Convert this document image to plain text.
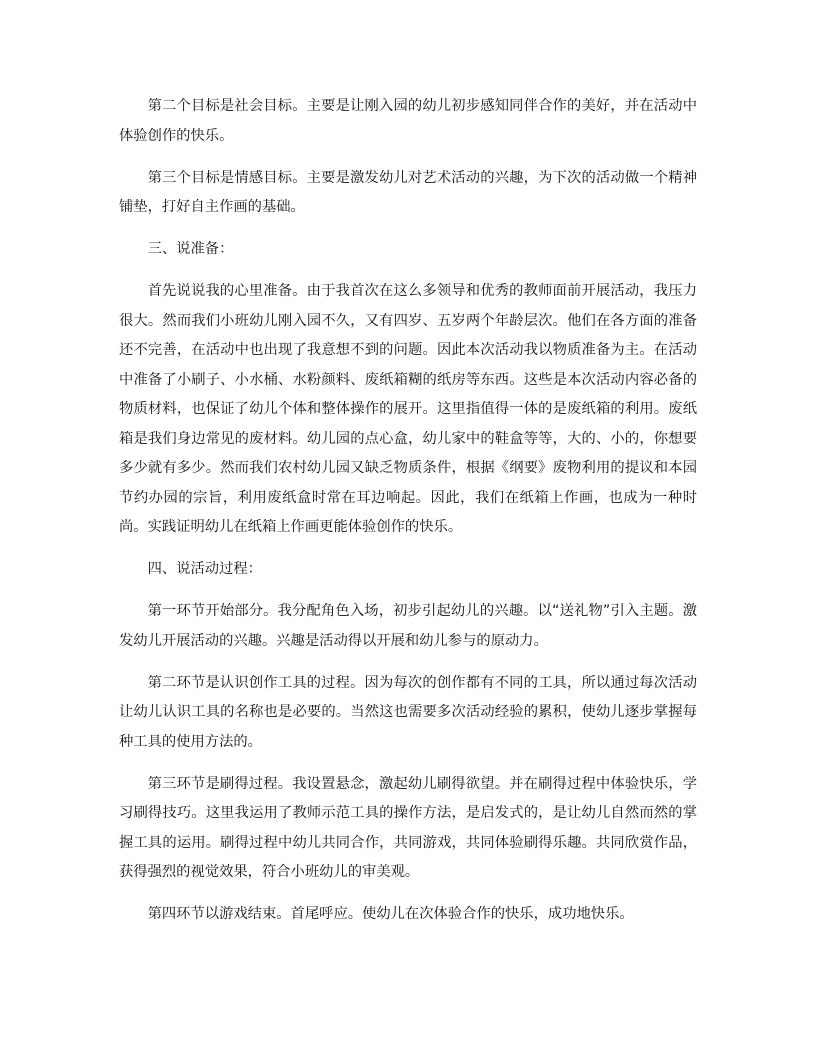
第二个目标是社会目标。主要是让刚入园的幼儿初步感知同伴合作的美好，并在活动中体验创作的快乐。

第三个目标是情感目标。主要是激发幼儿对艺术活动的兴趣，为下次的活动做一个精神铺垫，打好自主作画的基础。

三、说准备：

首先说说我的心里准备。由于我首次在这么多领导和优秀的教师面前开展活动，我压力很大。然而我们小班幼儿刚入园不久，又有四岁、五岁两个年龄层次。他们在各方面的准备还不完善，在活动中也出现了我意想不到的问题。因此本次活动我以物质准备为主。在活动中准备了小刷子、小水桶、水粉颜料、废纸箱糊的纸房等东西。这些是本次活动内容必备的物质材料，也保证了幼儿个体和整体操作的展开。这里指值得一体的是废纸箱的利用。废纸箱是我们身边常见的废材料。幼儿园的点心盒，幼儿家中的鞋盒等等，大的、小的，你想要多少就有多少。然而我们农村幼儿园又缺乏物质条件，根据《纲要》废物利用的提议和本园节约办园的宗旨，利用废纸盒时常在耳边响起。因此，我们在纸箱上作画，也成为一种时尚。实践证明幼儿在纸箱上作画更能体验创作的快乐。

四、说活动过程：

第一环节开始部分。我分配角色入场，初步引起幼儿的兴趣。以“送礼物”引入主题。激发幼儿开展活动的兴趣。兴趣是活动得以开展和幼儿参与的原动力。

第二环节是认识创作工具的过程。因为每次的创作都有不同的工具，所以通过每次活动让幼儿认识工具的名称也是必要的。当然这也需要多次活动经验的累积，使幼儿逐步掌握每种工具的使用方法的。

第三环节是刷得过程。我设置悬念，激起幼儿刷得欲望。并在刷得过程中体验快乐，学习刷得技巧。这里我运用了教师示范工具的操作方法，是启发式的，是让幼儿自然而然的掌握工具的运用。刷得过程中幼儿共同合作，共同游戏，共同体验刷得乐趣。共同欣赏作品，获得强烈的视觉效果，符合小班幼儿的审美观。

第四环节以游戏结束。首尾呼应。使幼儿在次体验合作的快乐，成功地快乐。
